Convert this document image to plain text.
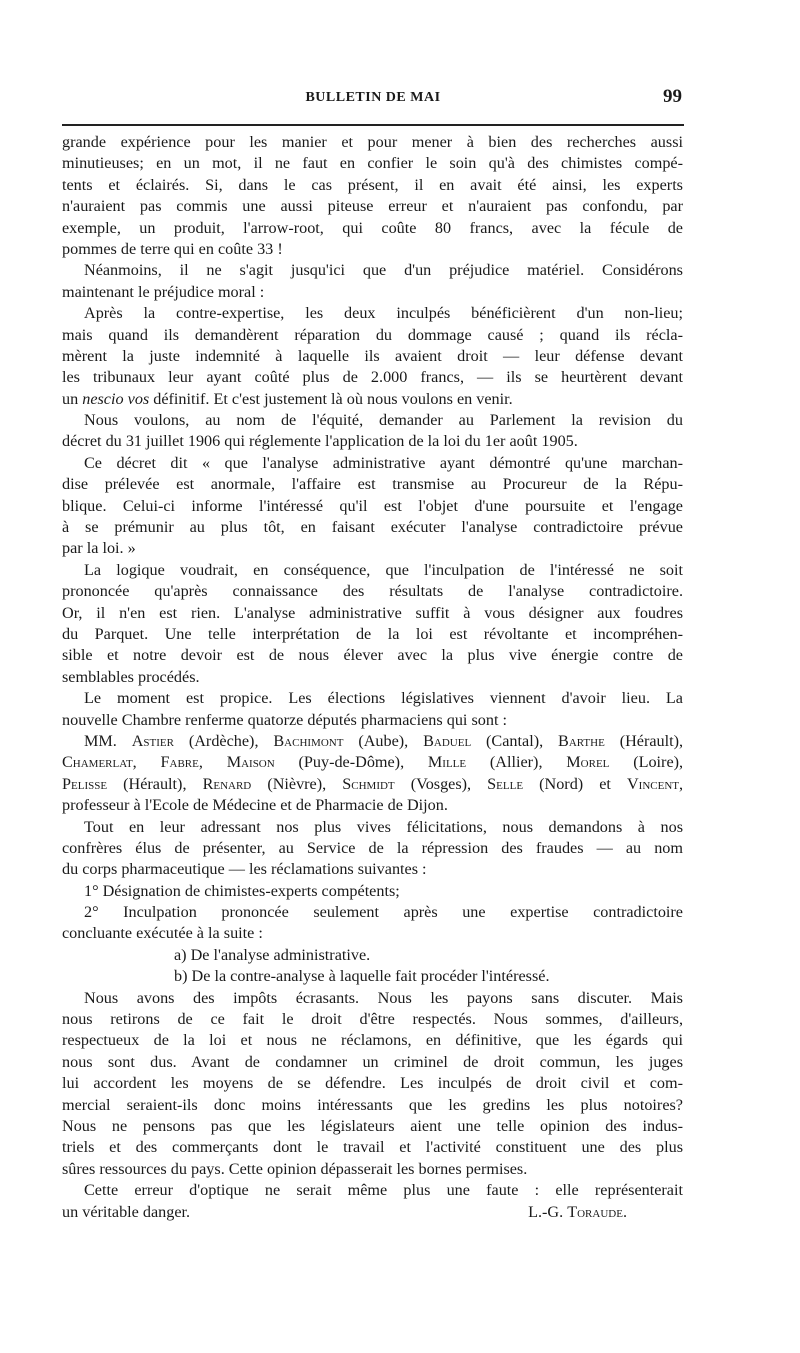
BULLETIN DE MAI	99
grande expérience pour les manier et pour mener à bien des recherches aussi
minutieuses; en un mot, il ne faut en confier le soin qu'à des chimistes compé-
tents et éclairés. Si, dans le cas présent, il en avait été ainsi, les experts
n'auraient pas commis une aussi piteuse erreur et n'auraient pas confondu, par
exemple, un produit, l'arrow-root, qui coûte 80 francs, avec la fécule de
pommes de terre qui en coûte 33 !
Néanmoins, il ne s'agit jusqu'ici que d'un préjudice matériel. Considérons
maintenant le préjudice moral :
Après la contre-expertise, les deux inculpés bénéficièrent d'un non-lieu;
mais quand ils demandèrent réparation du dommage causé ; quand ils récla-
mèrent la juste indemnité à laquelle ils avaient droit — leur défense devant
les tribunaux leur ayant coûté plus de 2.000 francs, — ils se heurtèrent devant
un nescio vos définitif. Et c'est justement là où nous voulons en venir.
Nous voulons, au nom de l'équité, demander au Parlement la revision du
décret du 31 juillet 1906 qui réglemente l'application de la loi du 1er août 1905.
Ce décret dit « que l'analyse administrative ayant démontré qu'une marchan-
dise prélevée est anormale, l'affaire est transmise au Procureur de la Répu-
blique. Celui-ci informe l'intéressé qu'il est l'objet d'une poursuite et l'engage
à se prémunir au plus tôt, en faisant exécuter l'analyse contradictoire prévue
par la loi. »
La logique voudrait, en conséquence, que l'inculpation de l'intéressé ne soit
prononcée qu'après connaissance des résultats de l'analyse contradictoire.
Or, il n'en est rien. L'analyse administrative suffit à vous désigner aux foudres
du Parquet. Une telle interprétation de la loi est révoltante et incompréhen-
sible et notre devoir est de nous élever avec la plus vive énergie contre de
semblables procédés.
Le moment est propice. Les élections législatives viennent d'avoir lieu. La
nouvelle Chambre renferme quatorze députés pharmaciens qui sont :
MM. Astier (Ardèche), Bachimont (Aube), Baduel (Cantal), Barthe (Hérault),
Chamerlat, Fabre, Maison (Puy-de-Dôme), Mille (Allier), Morel (Loire),
Pelisse (Hérault), Renard (Nièvre), Schmidt (Vosges), Selle (Nord) et Vincent,
professeur à l'Ecole de Médecine et de Pharmacie de Dijon.
Tout en leur adressant nos plus vives félicitations, nous demandons à nos
confrères élus de présenter, au Service de la répression des fraudes — au nom
du corps pharmaceutique — les réclamations suivantes :
1° Désignation de chimistes-experts compétents;
2° Inculpation prononcée seulement après une expertise contradictoire
concluante exécutée à la suite :
a) De l'analyse administrative.
b) De la contre-analyse à laquelle fait procéder l'intéressé.
Nous avons des impôts écrasants. Nous les payons sans discuter. Mais
nous retirons de ce fait le droit d'être respectés. Nous sommes, d'ailleurs,
respectueux de la loi et nous ne réclamons, en définitive, que les égards qui
nous sont dus. Avant de condamner un criminel de droit commun, les juges
lui accordent les moyens de se défendre. Les inculpés de droit civil et com-
mercial seraient-ils donc moins intéressants que les gredins les plus notoires?
Nous ne pensons pas que les législateurs aient une telle opinion des indus-
triels et des commerçants dont le travail et l'activité constituent une des plus
sûres ressources du pays. Cette opinion dépasserait les bornes permises.
Cette erreur d'optique ne serait même plus une faute : elle représenterait
un véritable danger.	L.-G. Toraude.
